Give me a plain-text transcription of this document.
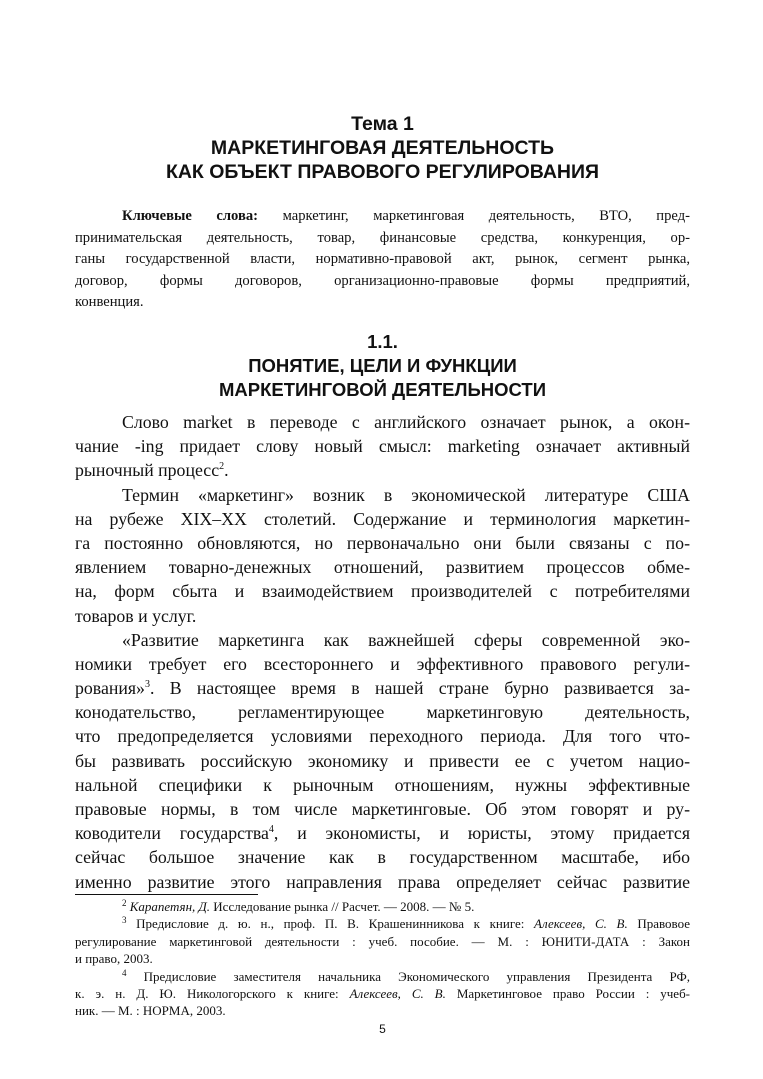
Тема 1
МАРКЕТИНГОВАЯ ДЕЯТЕЛЬНОСТЬ
КАК ОБЪЕКТ ПРАВОВОГО РЕГУЛИРОВАНИЯ
Ключевые слова: маркетинг, маркетинговая деятельность, ВТО, пред-
принимательская деятельность, товар, финансовые средства, конкуренция, ор-
ганы государственной власти, нормативно-правовой акт, рынок, сегмент рынка,
договор, формы договоров, организационно-правовые формы предприятий,
конвенция.
1.1.
ПОНЯТИЕ, ЦЕЛИ И ФУНКЦИИ
МАРКЕТИНГОВОЙ ДЕЯТЕЛЬНОСТИ
Слово market в переводе с английского означает рынок, а окон-
чание -ing придает слову новый смысл: marketing означает активный
рыночный процесс$^2$.
Термин «маркетинг» возник в экономической литературе США
на рубеже XIX–XX столетий. Содержание и терминология маркетин-
га постоянно обновляются, но первоначально они были связаны с по-
явлением товарно-денежных отношений, развитием процессов обме-
на, форм сбыта и взаимодействием производителей с потребителями
товаров и услуг.
«Развитие маркетинга как важнейшей сферы современной эко-
номики требует его всестороннего и эффективного правового регули-
рования»$^3$. В настоящее время в нашей стране бурно развивается за-
конодательство, регламентирующее маркетинговую деятельность,
что предопределяется условиями переходного периода. Для того что-
бы развивать российскую экономику и привести ее с учетом нацио-
нальной специфики к рыночным отношениям, нужны эффективные
правовые нормы, в том числе маркетинговые. Об этом говорят и ру-
ководители государства$^4$, и экономисты, и юристы, этому придается
сейчас большое значение как в государственном масштабе, ибо
именно развитие этого направления права определяет сейчас развитие
$^2$ Карапетян, Д. Исследование рынка // Расчет. — 2008. — № 5.
$^3$ Предисловие д. ю. н., проф. П. В. Крашенинникова к книге: Алексеев, С. В. Правовое
регулирование маркетинговой деятельности : учеб. пособие. — М. : ЮНИТИ-ДАТА : Закон
и право, 2003.
$^4$ Предисловие заместителя начальника Экономического управления Президента РФ,
к. э. н. Д. Ю. Никологорского к книге: Алексеев, С. В. Маркетинговое право России : учеб-
ник. — М. : НОРМА, 2003.
5
